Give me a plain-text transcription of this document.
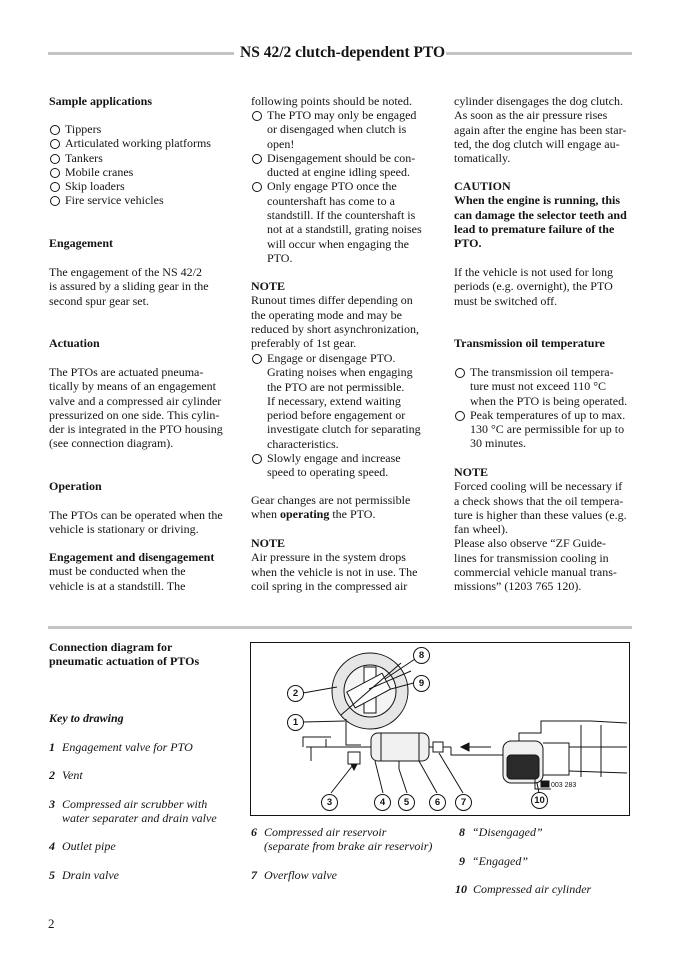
NS 42/2 clutch-dependent PTO

Sample applications

Tippers
Articulated working platforms
Tankers
Mobile cranes
Skip loaders
Fire service vehicles

Engagement

The engagement of the NS 42/2
is assured by a sliding gear in the
second spur gear set.

Actuation

The PTOs are actuated pneuma-
tically by means of an engagement
valve and a compressed air cylinder
pressurized on one side. This cylin-
der is integrated in the PTO housing
(see connection diagram).

Operation

The PTOs can be operated when the
vehicle is stationary or driving.
Engagement and disengagement
must be conducted when the
vehicle is at a standstill. The
following points should be noted.
The PTO may only be engaged
or disengaged when clutch is
open!
Disengagement should be con-
ducted at engine idling speed.
Only engage PTO once the
countershaft has come to a
standstill. If the countershaft is
not at a standstill, grating noises
will occur when engaging the
PTO.
NOTE
Runout times differ depending on
the operating mode and may be
reduced by short asynchronization,
preferably of 1st gear.
Engage or disengage PTO.
Grating noises when engaging
the PTO are not permissible.
If necessary, extend waiting
period before engagement or
investigate clutch for separating
characteristics.
Slowly engage and increase
speed to operating speed.
Gear changes are not permissible
when operating the PTO.
NOTE
Air pressure in the system drops
when the vehicle is not in use. The
coil spring in the compressed air
cylinder disengages the dog clutch.
As soon as the air pressure rises
again after the engine has been star-
ted, the dog clutch will engage au-
tomatically.
CAUTION
When the engine is running, this
can damage the selector teeth and
lead to premature failure of the
PTO.
If the vehicle is not used for long
periods (e.g. overnight), the PTO
must be switched off.

Transmission oil temperature

The transmission oil tempera-
ture must not exceed 110 °C
when the PTO is being operated.
Peak temperatures of up to max.
130 °C are permissible for up to
30 minutes.
NOTE
Forced cooling will be necessary if
a check shows that the oil tempera-
ture is higher than these values (e.g.
fan wheel).
Please also observe “ZF Guide-
lines for transmission cooling in
commercial vehicle manual trans-
missions” (1203 765 120).
Connection diagram for
pneumatic actuation of PTOs
Key to drawing	1
2
3	4	5	6	7
8
9
10
003 283
1 Engagement valve for PTO
2 Vent
3 Compressed air scrubber with
water separater and drain valve
4 Outlet pipe
5 Drain valve
6 Compressed air reservoir
(separate from brake air reservoir)
7 Overflow valve
8 “Disengaged”
9 “Engaged”
10 Compressed air cylinder
2
